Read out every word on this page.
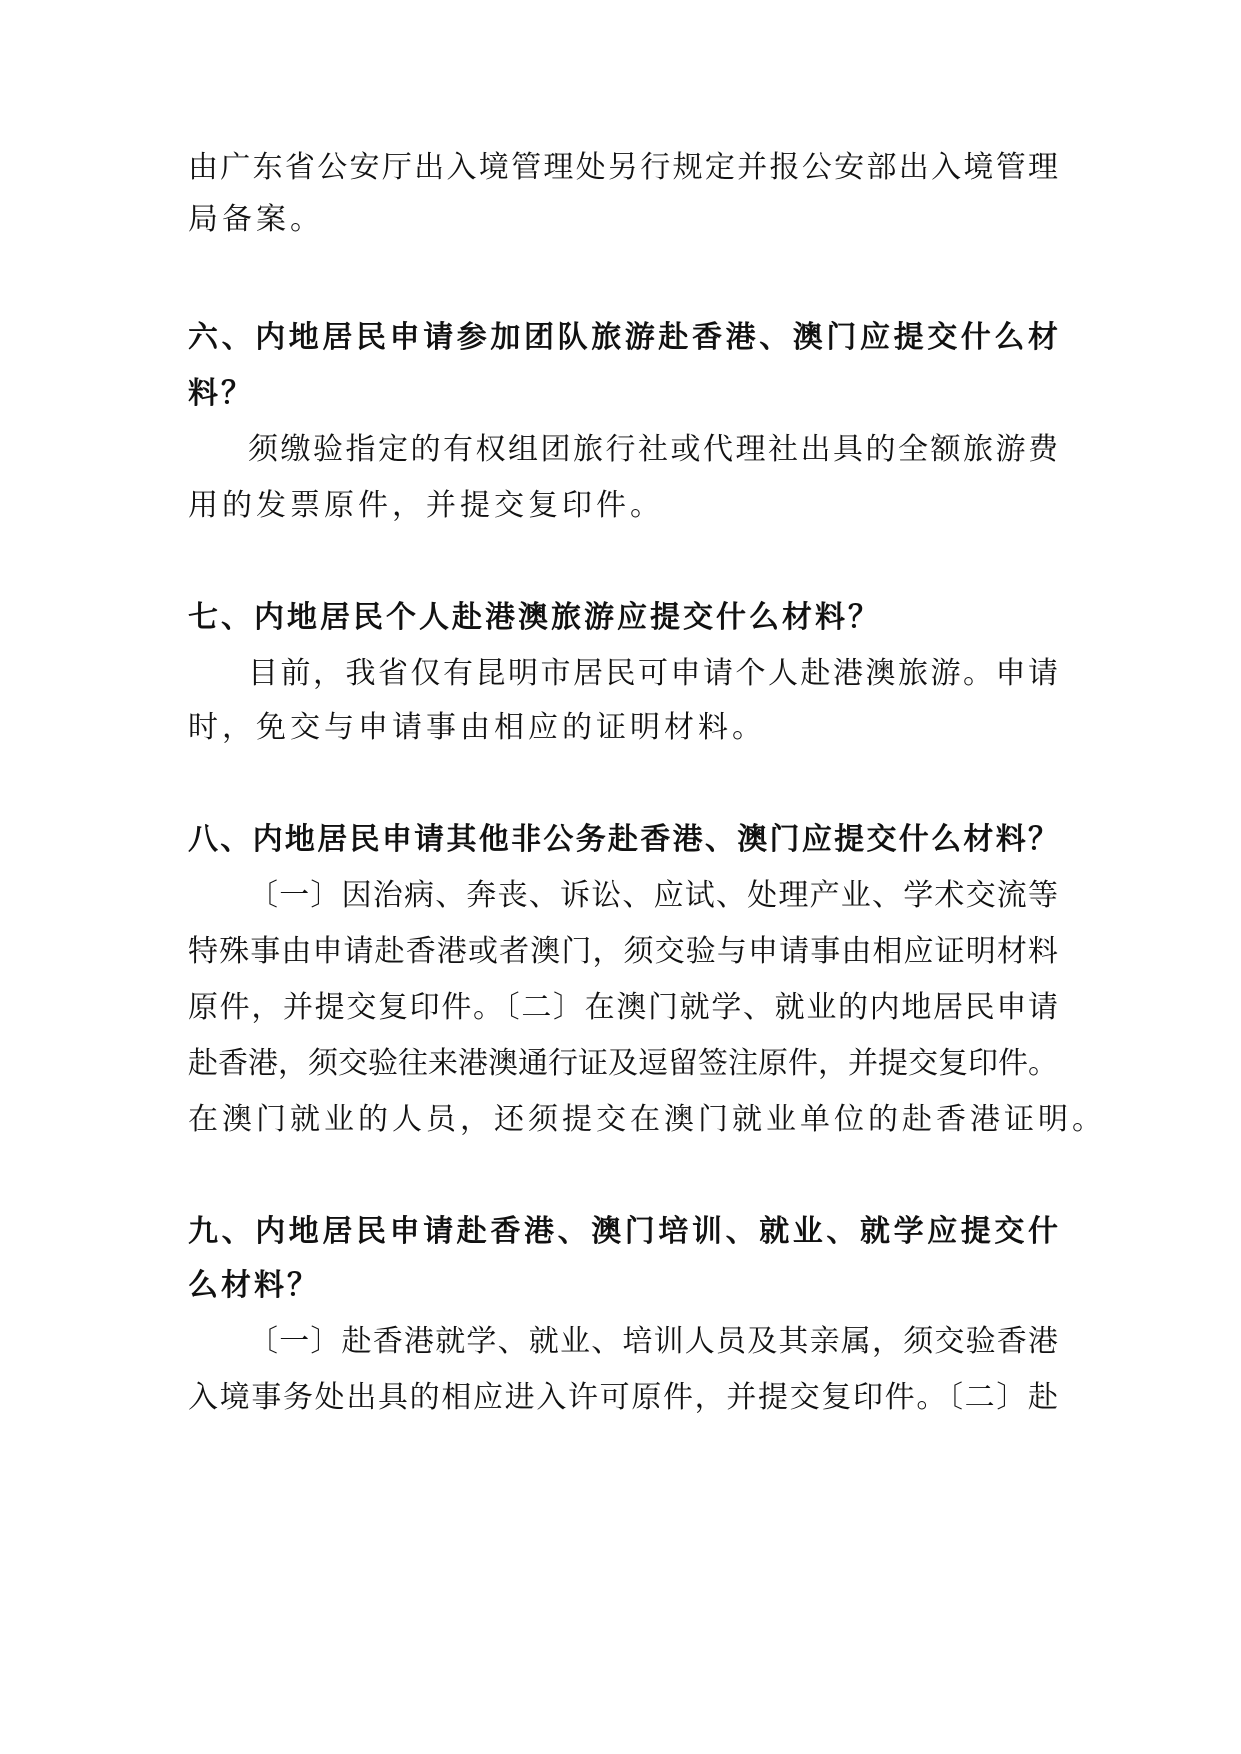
由广东省公安厅出入境管理处另行规定并报公安部出入境管理
局备案。
六、内地居民申请参加团队旅游赴香港、澳门应提交什么材
料？
须缴验指定的有权组团旅行社或代理社出具的全额旅游费
用的发票原件，并提交复印件。
七、内地居民个人赴港澳旅游应提交什么材料？
目前，我省仅有昆明市居民可申请个人赴港澳旅游。申请
时，免交与申请事由相应的证明材料。
八、内地居民申请其他非公务赴香港、澳门应提交什么材料？
〔一〕因治病、奔丧、诉讼、应试、处理产业、学术交流等
特殊事由申请赴香港或者澳门，须交验与申请事由相应证明材料
原件，并提交复印件。〔二〕在澳门就学、就业的内地居民申请
赴香港，须交验往来港澳通行证及逗留签注原件，并提交复印件。
在澳门就业的人员，还须提交在澳门就业单位的赴香港证明。
九、内地居民申请赴香港、澳门培训、就业、就学应提交什
么材料？
〔一〕赴香港就学、就业、培训人员及其亲属，须交验香港
入境事务处出具的相应进入许可原件，并提交复印件。〔二〕赴
